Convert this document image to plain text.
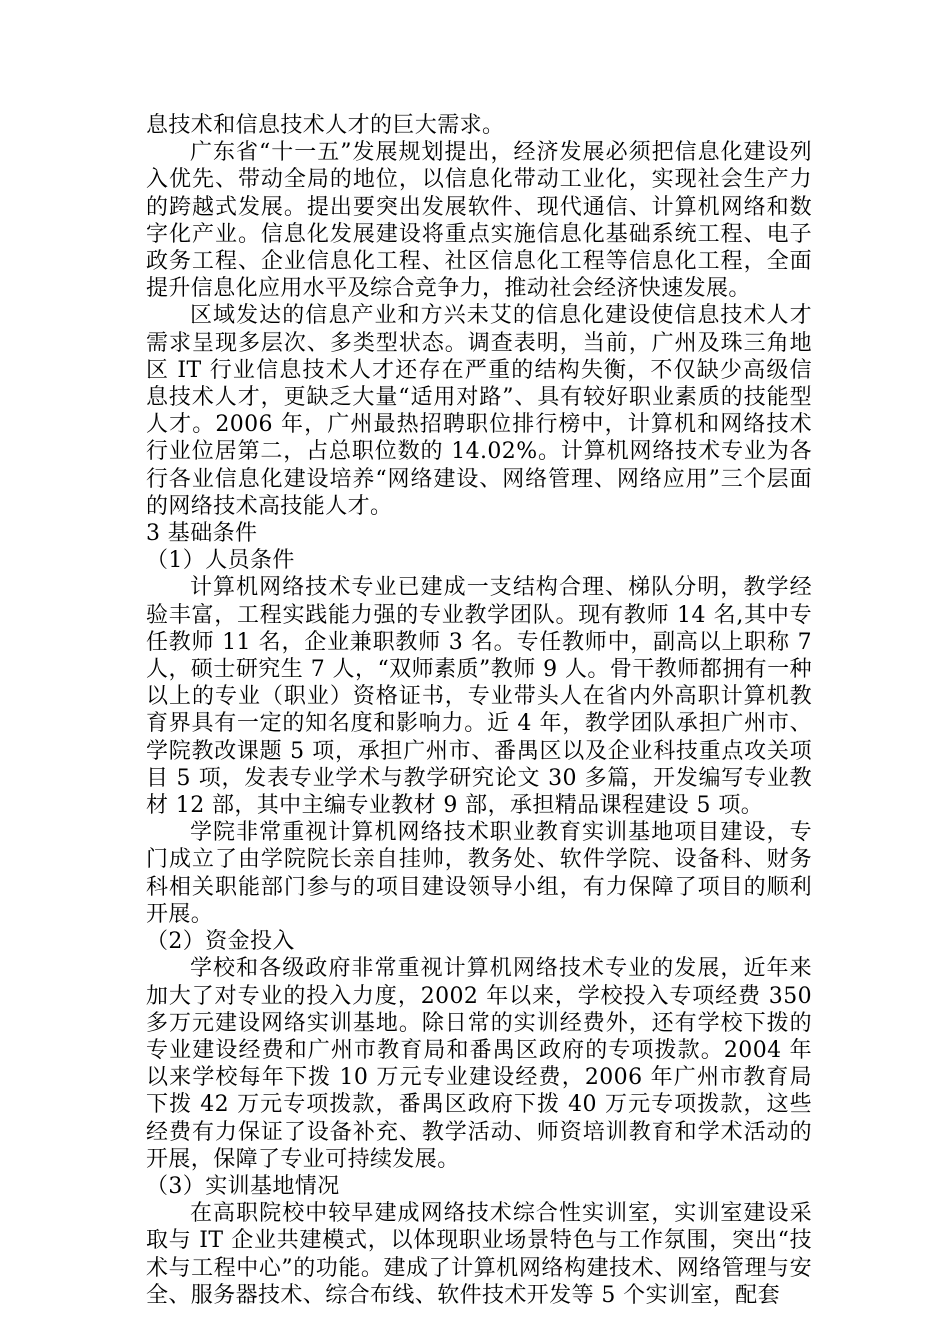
息技术和信息技术人才的巨大需求。

广东省“十一五”发展规划提出，经济发展必须把信息化建设列入优先、带动全局的地位，以信息化带动工业化，实现社会生产力的跨越式发展。提出要突出发展软件、现代通信、计算机网络和数字化产业。信息化发展建设将重点实施信息化基础系统工程、电子政务工程、企业信息化工程、社区信息化工程等信息化工程，全面提升信息化应用水平及综合竞争力，推动社会经济快速发展。

区域发达的信息产业和方兴未艾的信息化建设使信息技术人才需求呈现多层次、多类型状态。调查表明，当前，广州及珠三角地区 IT 行业信息技术人才还存在严重的结构失衡，不仅缺少高级信息技术人才，更缺乏大量“适用对路”、具有较好职业素质的技能型人才。2006 年，广州最热招聘职位排行榜中，计算机和网络技术行业位居第二，占总职位数的 14.02%。计算机网络技术专业为各行各业信息化建设培养“网络建设、网络管理、网络应用”三个层面的网络技术高技能人才。

3 基础条件

（1）人员条件

计算机网络技术专业已建成一支结构合理、梯队分明，教学经验丰富，工程实践能力强的专业教学团队。现有教师 14 名,其中专任教师 11 名，企业兼职教师 3 名。专任教师中，副高以上职称 7 人，硕士研究生 7 人，“双师素质”教师 9 人。骨干教师都拥有一种以上的专业（职业）资格证书，专业带头人在省内外高职计算机教育界具有一定的知名度和影响力。近 4 年，教学团队承担广州市、学院教改课题 5 项，承担广州市、番禺区以及企业科技重点攻关项目 5 项，发表专业学术与教学研究论文 30 多篇，开发编写专业教材 12 部，其中主编专业教材 9 部，承担精品课程建设 5 项。

学院非常重视计算机网络技术职业教育实训基地项目建设，专门成立了由学院院长亲自挂帅，教务处、软件学院、设备科、财务科相关职能部门参与的项目建设领导小组，有力保障了项目的顺利开展。

（2）资金投入

学校和各级政府非常重视计算机网络技术专业的发展，近年来加大了对专业的投入力度，2002 年以来，学校投入专项经费 350 多万元建设网络实训基地。除日常的实训经费外，还有学校下拨的专业建设经费和广州市教育局和番禺区政府的专项拨款。2004 年以来学校每年下拨 10 万元专业建设经费，2006 年广州市教育局下拨 42 万元专项拨款，番禺区政府下拨 40 万元专项拨款，这些经费有力保证了设备补充、教学活动、师资培训教育和学术活动的开展，保障了专业可持续发展。

（3）实训基地情况

在高职院校中较早建成网络技术综合性实训室，实训室建设采取与 IT 企业共建模式，以体现职业场景特色与工作氛围，突出“技术与工程中心”的功能。建成了计算机网络构建技术、网络管理与安全、服务器技术、综合布线、软件技术开发等 5 个实训室，配套
